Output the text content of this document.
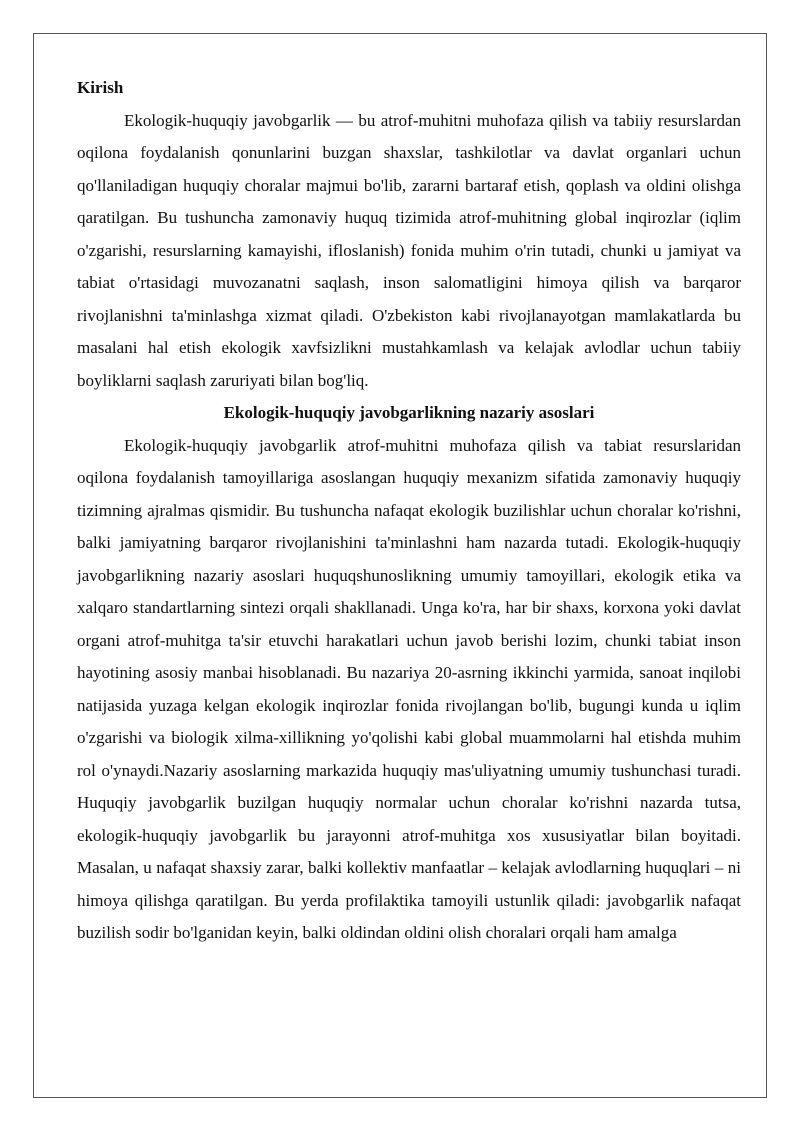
Kirish

Ekologik-huquqiy javobgarlik — bu atrof-muhitni muhofaza qilish va tabiiy resurslardan oqilona foydalanish qonunlarini buzgan shaxslar, tashkilotlar va davlat organlari uchun qo'llaniladigan huquqiy choralar majmui bo'lib, zararni bartaraf etish, qoplash va oldini olishga qaratilgan. Bu tushuncha zamonaviy huquq tizimida atrof-muhitning global inqirozlar (iqlim o'zgarishi, resurslarning kamayishi, ifloslanish) fonida muhim o'rin tutadi, chunki u jamiyat va tabiat o'rtasidagi muvozanatni saqlash, inson salomatligini himoya qilish va barqaror rivojlanishni ta'minlashga xizmat qiladi. O'zbekiston kabi rivojlanayotgan mamlakatlarda bu masalani hal etish ekologik xavfsizlikni mustahkamlash va kelajak avlodlar uchun tabiiy boyliklarni saqlash zaruriyati bilan bog'liq.

Ekologik-huquqiy javobgarlikning nazariy asoslari

Ekologik-huquqiy javobgarlik atrof-muhitni muhofaza qilish va tabiat resurslaridan oqilona foydalanish tamoyillariga asoslangan huquqiy mexanizm sifatida zamonaviy huquqiy tizimning ajralmas qismidir. Bu tushuncha nafaqat ekologik buzilishlar uchun choralar ko'rishni, balki jamiyatning barqaror rivojlanishini ta'minlashni ham nazarda tutadi. Ekologik-huquqiy javobgarlikning nazariy asoslari huquqshunoslikning umumiy tamoyillari, ekologik etika va xalqaro standartlarning sintezi orqali shakllanadi. Unga ko'ra, har bir shaxs, korxona yoki davlat organi atrof-muhitga ta'sir etuvchi harakatlari uchun javob berishi lozim, chunki tabiat inson hayotining asosiy manbai hisoblanadi. Bu nazariya 20-asrning ikkinchi yarmida, sanoat inqilobi natijasida yuzaga kelgan ekologik inqirozlar fonida rivojlangan bo'lib, bugungi kunda u iqlim o'zgarishi va biologik xilma-xillikning yo'qolishi kabi global muammolarni hal etishda muhim rol o'ynaydi.Nazariy asoslarning markazida huquqiy mas'uliyatning umumiy tushunchasi turadi. Huquqiy javobgarlik buzilgan huquqiy normalar uchun choralar ko'rishni nazarda tutsa, ekologik-huquqiy javobgarlik bu jarayonni atrof-muhitga xos xususiyatlar bilan boyitadi. Masalan, u nafaqat shaxsiy zarar, balki kollektiv manfaatlar – kelajak avlodlarning huquqlari – ni himoya qilishga qaratilgan. Bu yerda profilaktika tamoyili ustunlik qiladi: javobgarlik nafaqat buzilish sodir bo'lganidan keyin, balki oldindan oldini olish choralari orqali ham amalga
